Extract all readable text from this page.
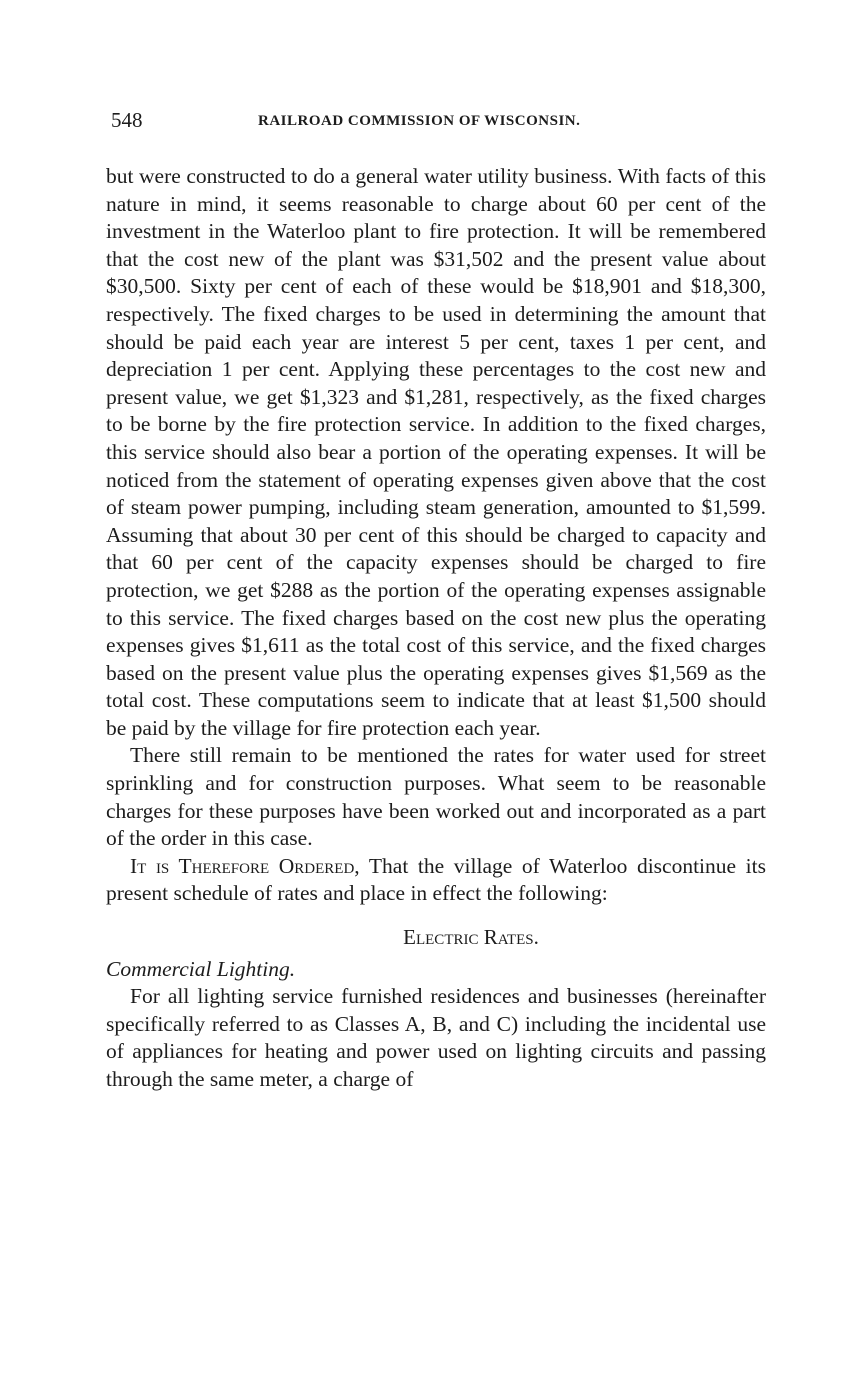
548	RAILROAD COMMISSION OF WISCONSIN.

but were constructed to do a general water utility business. With facts of this nature in mind, it seems reasonable to charge about 60 per cent of the investment in the Waterloo plant to fire protection. It will be remembered that the cost new of the plant was $31,502 and the present value about $30,500. Sixty per cent of each of these would be $18,901 and $18,300, respectively. The fixed charges to be used in determining the amount that should be paid each year are interest 5 per cent, taxes 1 per cent, and depreciation 1 per cent. Applying these percentages to the cost new and present value, we get $1,323 and $1,281, respectively, as the fixed charges to be borne by the fire protection service. In addition to the fixed charges, this service should also bear a portion of the operating expenses. It will be noticed from the statement of operating expenses given above that the cost of steam power pumping, including steam generation, amounted to $1,599. Assuming that about 30 per cent of this should be charged to capacity and that 60 per cent of the capacity expenses should be charged to fire protection, we get $288 as the portion of the operating expenses assignable to this service. The fixed charges based on the cost new plus the operating expenses gives $1,611 as the total cost of this service, and the fixed charges based on the present value plus the operating expenses gives $1,569 as the total cost. These computations seem to indicate that at least $1,500 should be paid by the village for fire protection each year.

There still remain to be mentioned the rates for water used for street sprinkling and for construction purposes. What seem to be reasonable charges for these purposes have been worked out and incorporated as a part of the order in this case.

It is Therefore Ordered, That the village of Waterloo discontinue its present schedule of rates and place in effect the following:

Electric Rates.

Commercial Lighting.

For all lighting service furnished residences and businesses (hereinafter specifically referred to as Classes A, B, and C) including the incidental use of appliances for heating and power used on lighting circuits and passing through the same meter, a charge of
